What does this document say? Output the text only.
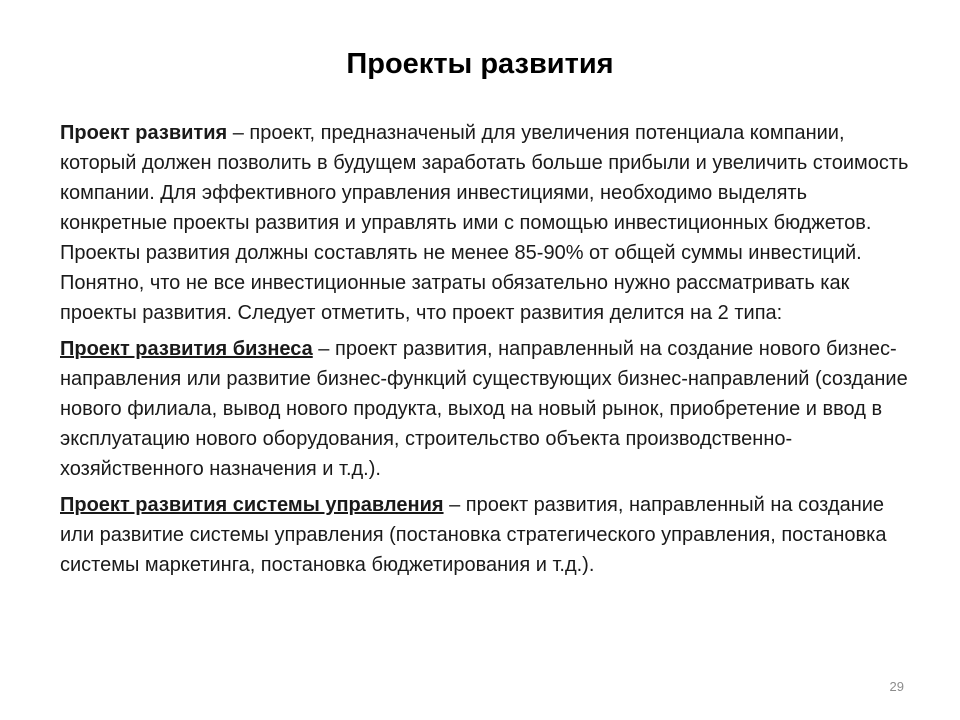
Проекты развития

Проект развития – проект, предназначеный для увеличения потенциала компании, который должен позволить в будущем заработать больше прибыли и увеличить стоимость компании. Для эффективного управления инвестициями, необходимо выделять конкретные проекты развития и управлять ими с помощью инвестиционных бюджетов. Проекты развития должны составлять не менее 85-90% от общей суммы инвестиций. Понятно, что не все инвестиционные затраты обязательно нужно рассматривать как проекты развития. Следует отметить, что проект развития делится на 2 типа:

Проект развития бизнеса – проект развития, направленный на создание нового бизнес-направления или развитие бизнес-функций существующих бизнес-направлений (создание нового филиала, вывод нового продукта, выход на новый рынок, приобретение и ввод в эксплуатацию нового оборудования, строительство объекта производственно-хозяйственного назначения и т.д.).

Проект развития системы управления – проект развития, направленный на создание или развитие системы управления (постановка стратегического управления, постановка системы маркетинга, постановка бюджетирования и т.д.).

29
